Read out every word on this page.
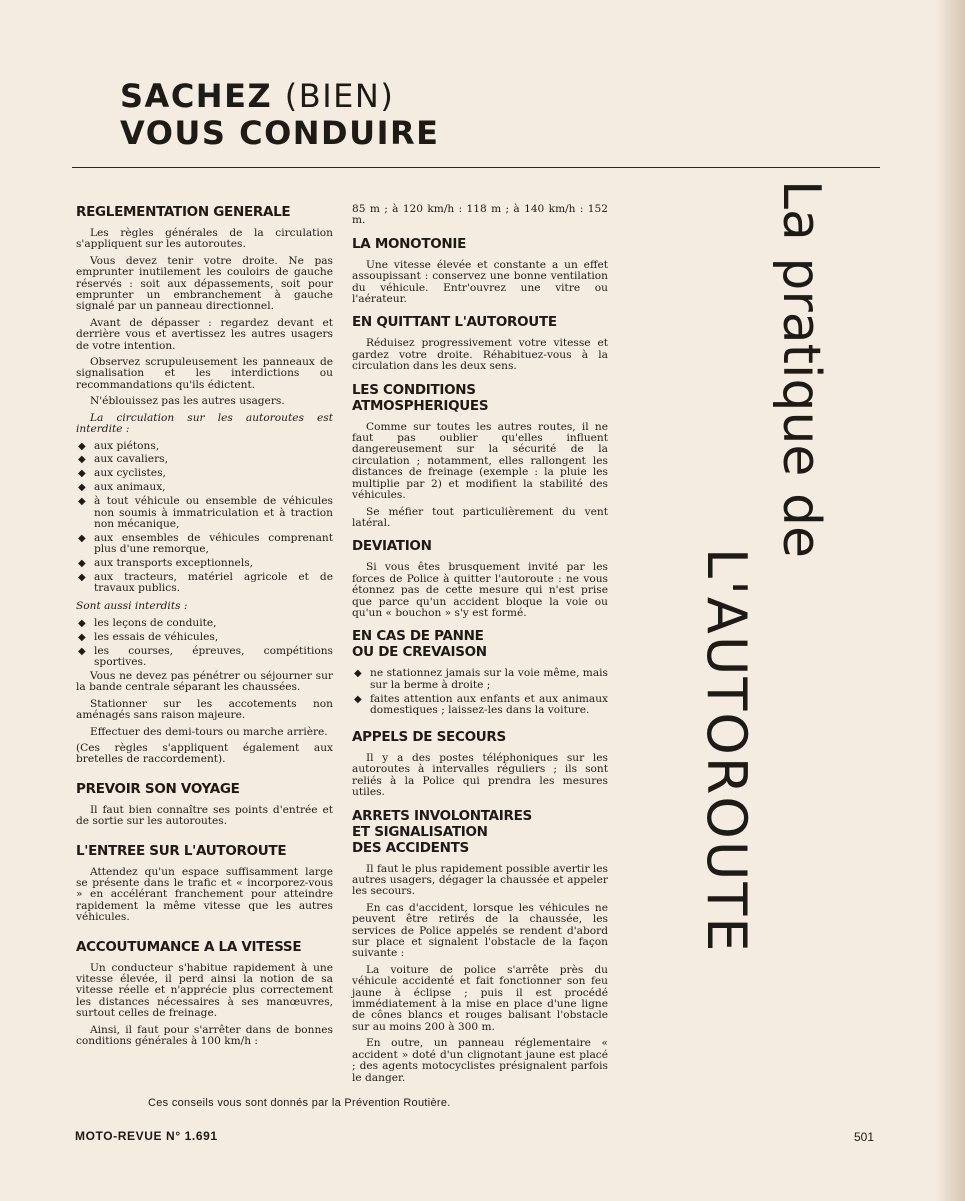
SACHEZ (BIEN)
VOUS CONDUIRE
REGLEMENTATION GENERALE
Les règles générales de la circulation s'appliquent sur les autoroutes.
Vous devez tenir votre droite. Ne pas emprunter inutilement les couloirs de gauche réservés : soit aux dépassements, soit pour emprunter un embranchement à gauche signalé par un panneau directionnel.
Avant de dépasser : regardez devant et derrière vous et avertissez les autres usagers de votre intention.
Observez scrupuleusement les panneaux de signalisation et les interdictions ou recommandations qu'ils édictent.
N'éblouissez pas les autres usagers.
La circulation sur les autoroutes est interdite :
◆ aux piétons,
◆ aux cavaliers,
◆ aux cyclistes,
◆ aux animaux,
◆ à tout véhicule ou ensemble de véhicules non soumis à immatriculation et à traction non mécanique,
◆ aux ensembles de véhicules comprenant plus d'une remorque,
◆ aux transports exceptionnels,
◆ aux tracteurs, matériel agricole et de travaux publics.
Sont aussi interdits :
◆ les leçons de conduite,
◆ les essais de véhicules,
◆ les courses, épreuves, compétitions sportives.
Vous ne devez pas pénétrer ou séjourner sur la bande centrale séparant les chaussées.
Stationner sur les accotements non aménagés sans raison majeure.
Effectuer des demi-tours ou marche arrière.
(Ces règles s'appliquent également aux bretelles de raccordement).
PREVOIR SON VOYAGE
Il faut bien connaître ses points d'entrée et de sortie sur les autoroutes.
L'ENTREE SUR L'AUTOROUTE
Attendez qu'un espace suffisamment large se présente dans le trafic et « incorporez-vous » en accélérant franchement pour atteindre rapidement la même vitesse que les autres véhicules.
ACCOUTUMANCE A LA VITESSE
Un conducteur s'habitue rapidement à une vitesse élevée, il perd ainsi la notion de sa vitesse réelle et n'apprécie plus correctement les distances nécessaires à ses manœuvres, surtout celles de freinage.
Ainsi, il faut pour s'arrêter dans de bonnes conditions générales à 100 km/h :
85 m ; à 120 km/h : 118 m ; à 140 km/h : 152 m.
LA MONOTONIE
Une vitesse élevée et constante a un effet assoupissant : conservez une bonne ventilation du véhicule. Entr'ouvrez une vitre ou l'aérateur.
EN QUITTANT L'AUTOROUTE
Réduisez progressivement votre vitesse et gardez votre droite. Réhabituez-vous à la circulation dans les deux sens.
LES CONDITIONS
ATMOSPHERIQUES
Comme sur toutes les autres routes, il ne faut pas oublier qu'elles influent dangereusement sur la sécurité de la circulation ; notamment, elles rallongent les distances de freinage (exemple : la pluie les multiplie par 2) et modifient la stabilité des véhicules.
Se méfier tout particulièrement du vent latéral.
DEVIATION
Si vous êtes brusquement invité par les forces de Police à quitter l'autoroute : ne vous étonnez pas de cette mesure qui n'est prise que parce qu'un accident bloque la voie ou qu'un « bouchon » s'y est formé.
EN CAS DE PANNE
OU DE CREVAISON
◆ ne stationnez jamais sur la voie même, mais sur la berme à droite ;
◆ faites attention aux enfants et aux animaux domestiques ; laissez-les dans la voiture.
APPELS DE SECOURS
Il y a des postes téléphoniques sur les autoroutes à intervalles réguliers ; ils sont reliés à la Police qui prendra les mesures utiles.
ARRETS INVOLONTAIRES
ET SIGNALISATION
DES ACCIDENTS
Il faut le plus rapidement possible avertir les autres usagers, dégager la chaussée et appeler les secours.
En cas d'accident, lorsque les véhicules ne peuvent être retirés de la chaussée, les services de Police appelés se rendent d'abord sur place et signalent l'obstacle de la façon suivante :
La voiture de police s'arrête près du véhicule accidenté et fait fonctionner son feu jaune à éclipse ; puis il est procédé immédiatement à la mise en place d'une ligne de cônes blancs et rouges balisant l'obstacle sur au moins 200 à 300 m.
En outre, un panneau réglementaire « accident » doté d'un clignotant jaune est placé ; des agents motocyclistes présignalent parfois le danger.
La pratique de
L'AUTOROUTE
Ces conseils vous sont donnés par la Prévention Routière.
MOTO-REVUE N° 1.691	501
